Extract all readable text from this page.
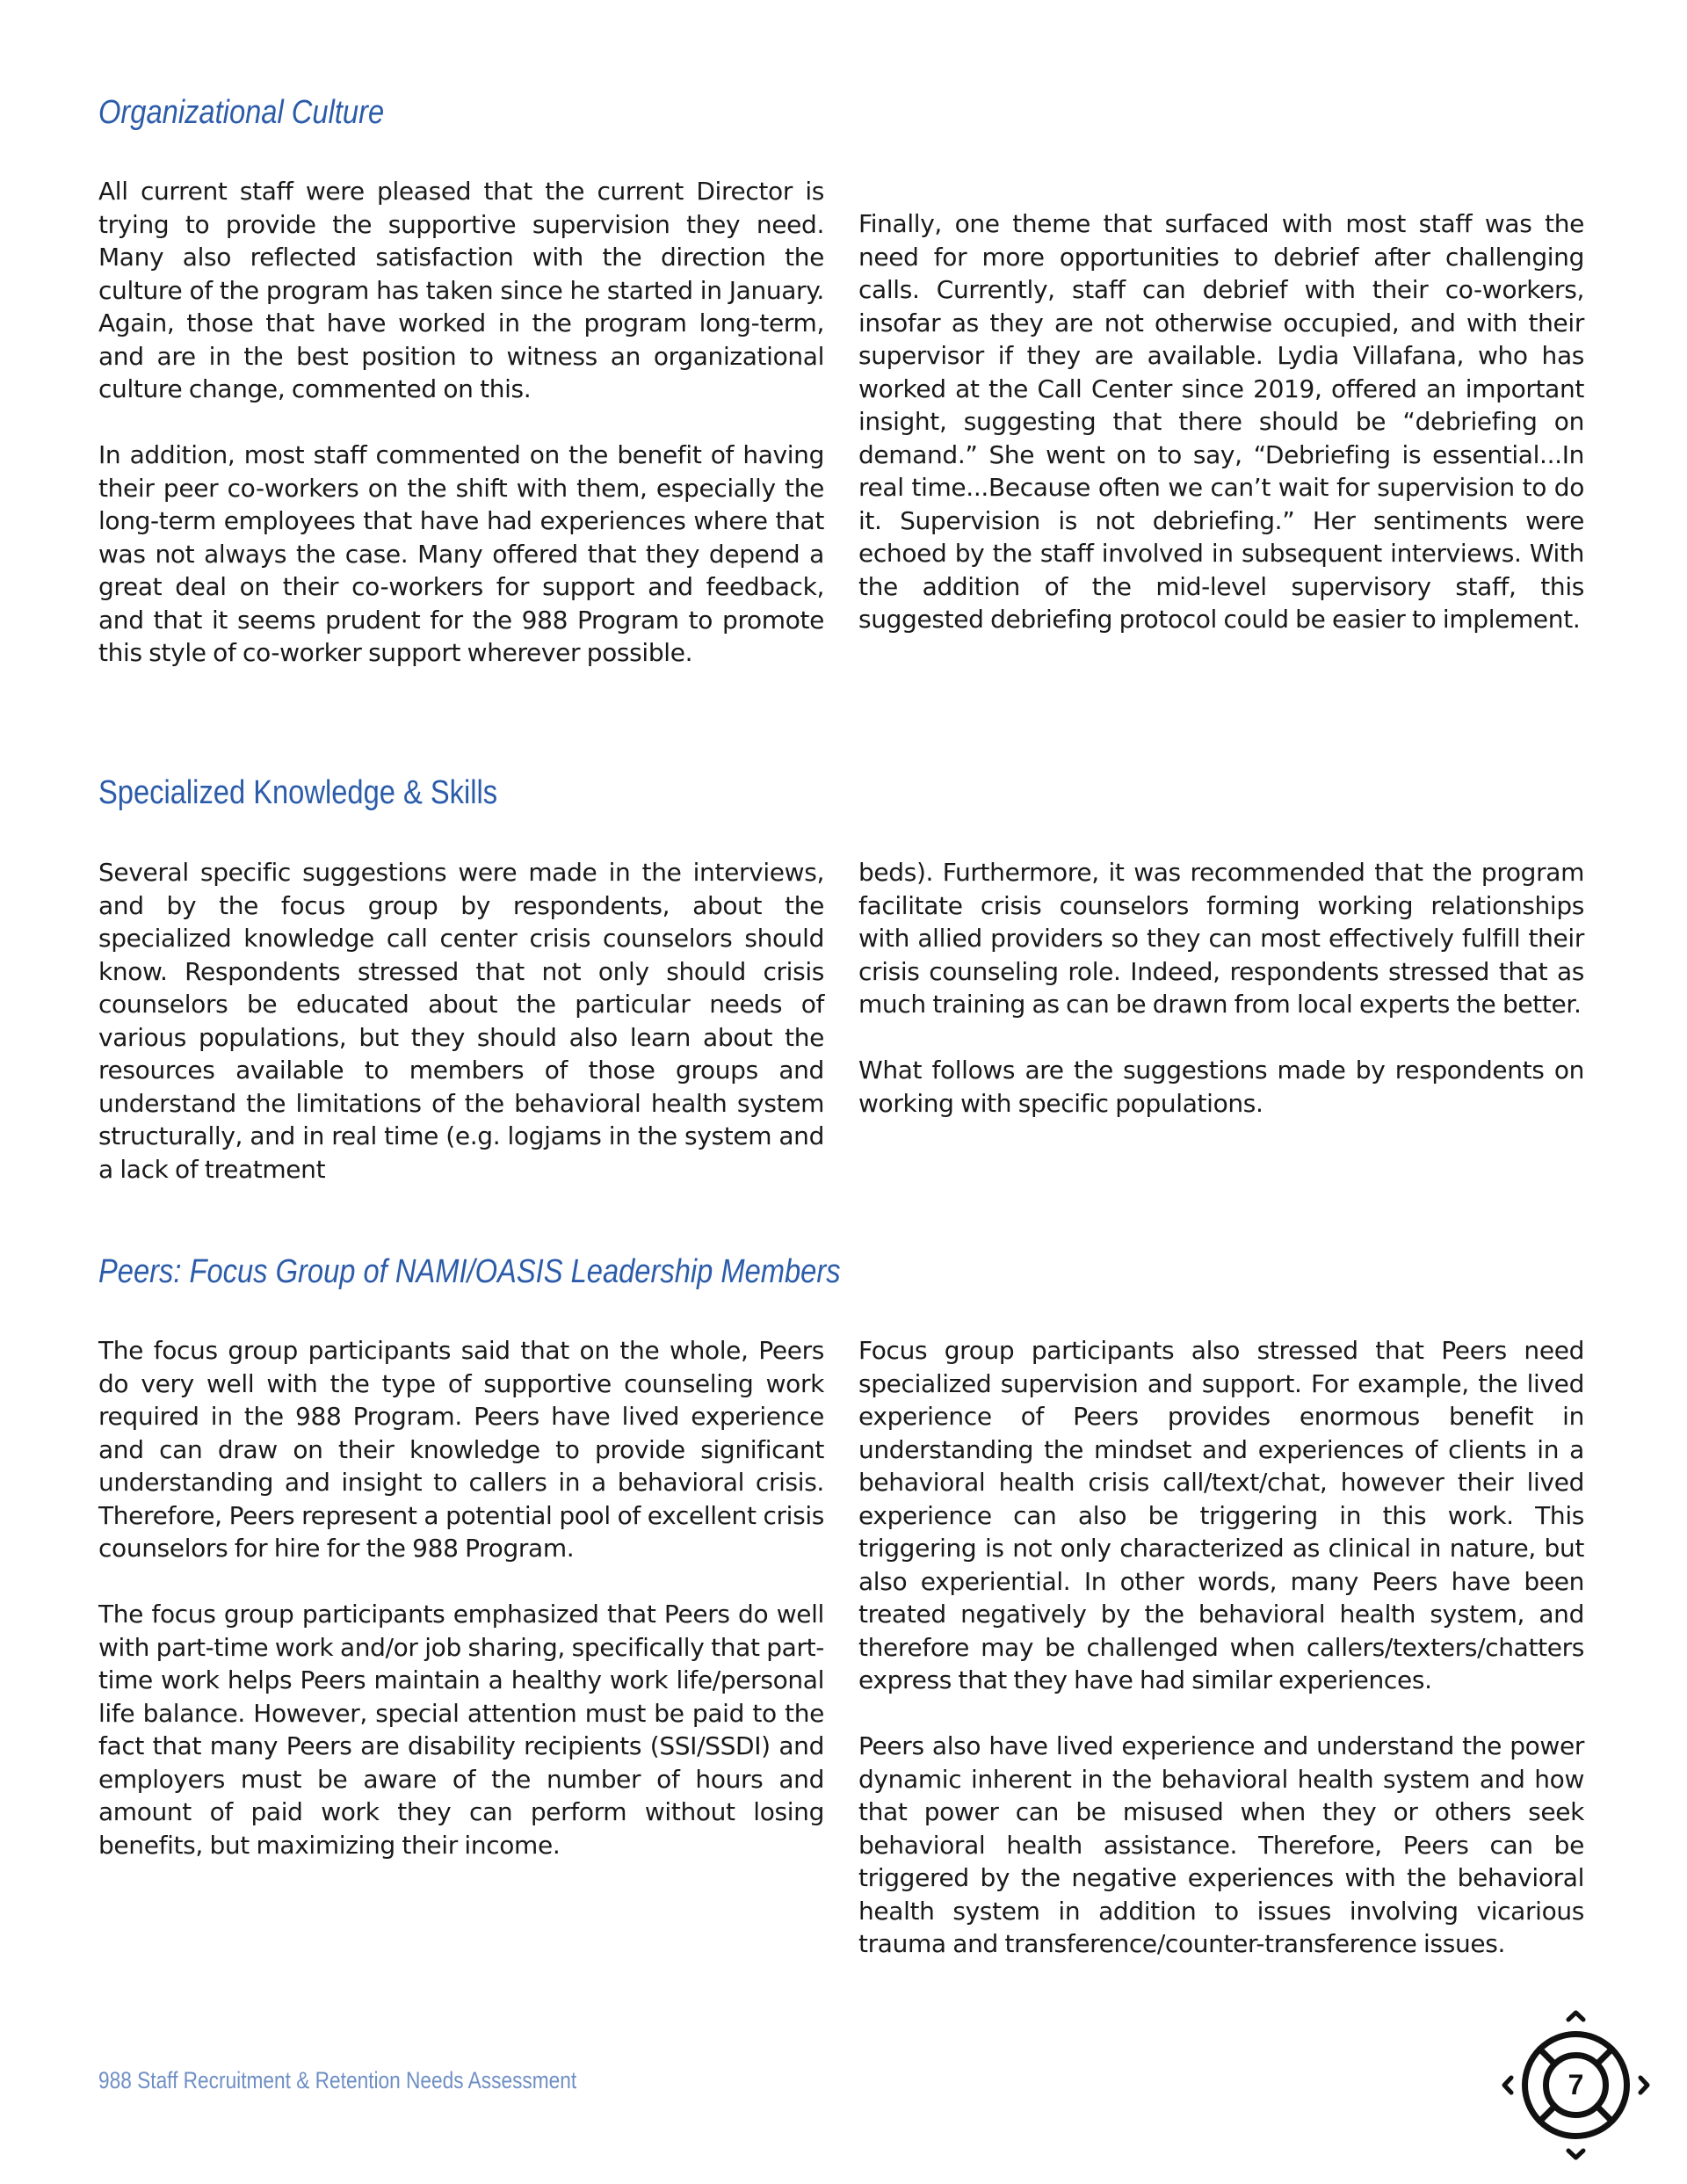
Organizational Culture

All current staff were pleased that the current Director is trying to provide the supportive supervision they need. Many also reflected satisfaction with the direction the culture of the program has taken since he started in January. Again, those that have worked in the program long-term, and are in the best position to witness an organizational culture change, commented on this.

In addition, most staff commented on the benefit of having their peer co-workers on the shift with them, especially the long-term employees that have had experiences where that was not always the case. Many offered that they depend a great deal on their co-workers for support and feedback, and that it seems prudent for the 988 Program to promote this style of co-worker support wherever possible.

Finally, one theme that surfaced with most staff was the need for more opportunities to debrief after challenging calls. Currently, staff can debrief with their co-workers, insofar as they are not otherwise occupied, and with their supervisor if they are available. Lydia Villafana, who has worked at the Call Center since 2019, offered an important insight, suggesting that there should be “debriefing on demand.” She went on to say, “Debriefing is essential...In real time...Because often we can’t wait for supervision to do it. Supervision is not debriefing.” Her sentiments were echoed by the staff involved in subsequent interviews. With the addition of the mid-level supervisory staff, this suggested debriefing protocol could be easier to implement.

Specialized Knowledge & Skills

Several specific suggestions were made in the interviews, and by the focus group by respondents, about the specialized knowledge call center crisis counselors should know. Respondents stressed that not only should crisis counselors be educated about the particular needs of various populations, but they should also learn about the resources available to members of those groups and understand the limitations of the behavioral health system structurally, and in real time (e.g. logjams in the system and a lack of treatment

beds). Furthermore, it was recommended that the program facilitate crisis counselors forming working relationships with allied providers so they can most effectively fulfill their crisis counseling role. Indeed, respondents stressed that as much training as can be drawn from local experts the better.

What follows are the suggestions made by respondents on working with specific populations.

Peers: Focus Group of NAMI/OASIS Leadership Members

The focus group participants said that on the whole, Peers do very well with the type of supportive counseling work required in the 988 Program. Peers have lived experience and can draw on their knowledge to provide significant understanding and insight to callers in a behavioral crisis. Therefore, Peers represent a potential pool of excellent crisis counselors for hire for the 988 Program.

The focus group participants emphasized that Peers do well with part-time work and/or job sharing, specifically that part-time work helps Peers maintain a healthy work life/personal life balance. However, special attention must be paid to the fact that many Peers are disability recipients (SSI/SSDI) and employers must be aware of the number of hours and amount of paid work they can perform without losing benefits, but maximizing their income.

Focus group participants also stressed that Peers need specialized supervision and support. For example, the lived experience of Peers provides enormous benefit in understanding the mindset and experiences of clients in a behavioral health crisis call/text/chat, however their lived experience can also be triggering in this work. This triggering is not only characterized as clinical in nature, but also experiential. In other words, many Peers have been treated negatively by the behavioral health system, and therefore may be challenged when callers/texters/chatters express that they have had similar experiences.

Peers also have lived experience and understand the power dynamic inherent in the behavioral health system and how that power can be misused when they or others seek behavioral health assistance. Therefore, Peers can be triggered by the negative experiences with the behavioral health system in addition to issues involving vicarious trauma and transference/counter-transference issues.

988 Staff Recruitment & Retention Needs Assessment	7
